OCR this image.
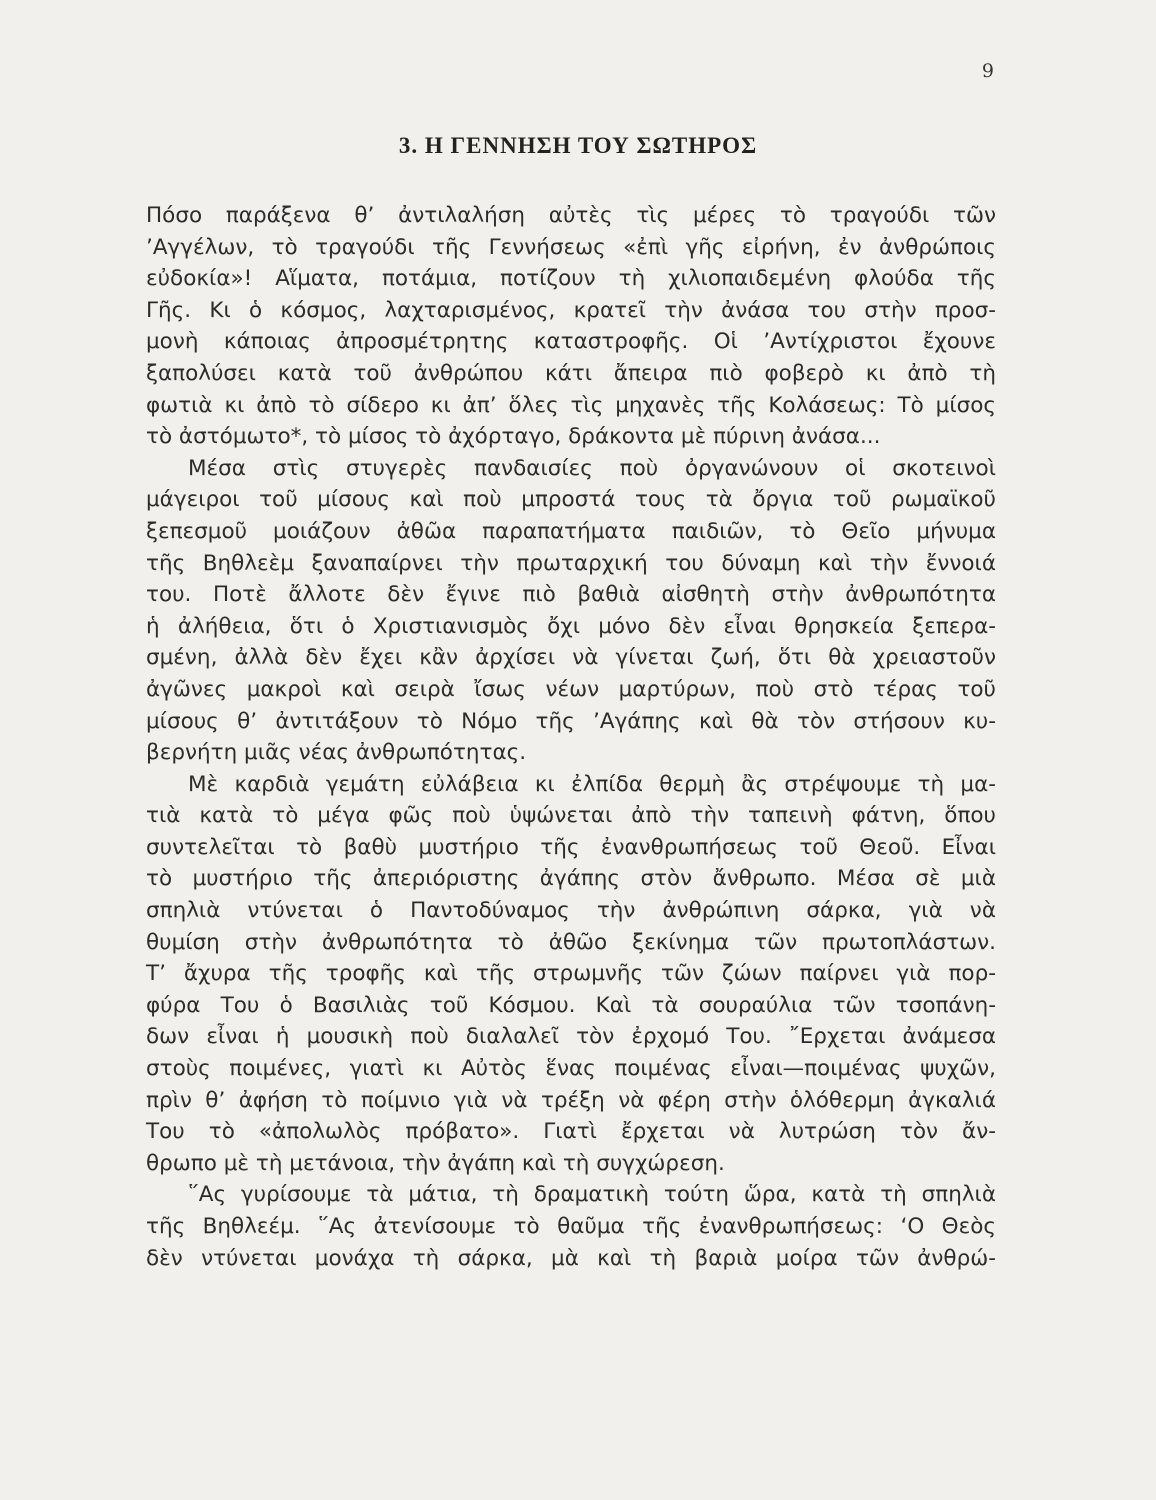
9
3. Η ΓΕΝΝΗΣΗ ΤΟΥ ΣΩΤΗΡΟΣ
Πόσο παράξενα θ’ ἀντιλαλήση αὐτὲς τὶς μέρες τὸ τραγούδι τῶν
’Αγγέλων, τὸ τραγούδι τῆς Γεννήσεως «ἐπὶ γῆς εἰρήνη, ἐν ἀνθρώποις
εὐδοκία»! Αἵματα, ποτάμια, ποτίζουν τὴ χιλιοπαιδεμένη φλούδα τῆς
Γῆς. Κι ὁ κόσμος, λαχταρισμένος, κρατεῖ τὴν ἀνάσα του στὴν προσ-
μονὴ κάποιας ἀπροσμέτρητης καταστροφῆς. Οἱ ’Αντίχριστοι ἔχουνε
ξαπολύσει κατὰ τοῦ ἀνθρώπου κάτι ἄπειρα πιὸ φοβερὸ κι ἀπὸ τὴ
φωτιὰ κι ἀπὸ τὸ σίδερο κι ἀπ’ ὅλες τὶς μηχανὲς τῆς Κολάσεως: Τὸ μίσος
τὸ ἀστόμωτο*, τὸ μίσος τὸ ἀχόρταγο, δράκοντα μὲ πύρινη ἀνάσα...
Μέσα στὶς στυγερὲς πανδαισίες ποὺ ὀργανώνουν οἱ σκοτεινοὶ
μάγειροι τοῦ μίσους καὶ ποὺ μπροστά τους τὰ ὄργια τοῦ ρωμαϊκοῦ
ξεπεσμοῦ μοιάζουν ἀθῶα παραπατήματα παιδιῶν, τὸ Θεῖο μήνυμα
τῆς Βηθλεὲμ ξαναπαίρνει τὴν πρωταρχική του δύναμη καὶ τὴν ἔννοιά
του. Ποτὲ ἄλλοτε δὲν ἔγινε πιὸ βαθιὰ αἰσθητὴ στὴν ἀνθρωπότητα
ἡ ἀλήθεια, ὅτι ὁ Χριστιανισμὸς ὄχι μόνο δὲν εἶναι θρησκεία ξεπερα-
σμένη, ἀλλὰ δὲν ἔχει κἂν ἀρχίσει νὰ γίνεται ζωή, ὅτι θὰ χρειαστοῦν
ἀγῶνες μακροὶ καὶ σειρὰ ἴσως νέων μαρτύρων, ποὺ στὸ τέρας τοῦ
μίσους θ’ ἀντιτάξουν τὸ Νόμο τῆς ’Αγάπης καὶ θὰ τὸν στήσουν κυ-
βερνήτη μιᾶς νέας ἀνθρωπότητας.
Μὲ καρδιὰ γεμάτη εὐλάβεια κι ἐλπίδα θερμὴ ἂς στρέψουμε τὴ μα-
τιὰ κατὰ τὸ μέγα φῶς ποὺ ὑψώνεται ἀπὸ τὴν ταπεινὴ φάτνη, ὅπου
συντελεῖται τὸ βαθὺ μυστήριο τῆς ἐνανθρωπήσεως τοῦ Θεοῦ. Εἶναι
τὸ μυστήριο τῆς ἀπεριόριστης ἀγάπης στὸν ἄνθρωπο. Μέσα σὲ μιὰ
σπηλιὰ ντύνεται ὁ Παντοδύναμος τὴν ἀνθρώπινη σάρκα, γιὰ νὰ
θυμίση στὴν ἀνθρωπότητα τὸ ἀθῶο ξεκίνημα τῶν πρωτοπλάστων.
Τ’ ἄχυρα τῆς τροφῆς καὶ τῆς στρωμνῆς τῶν ζώων παίρνει γιὰ πορ-
φύρα Του ὁ Βασιλιὰς τοῦ Κόσμου. Καὶ τὰ σουραύλια τῶν τσοπάνη-
δων εἶναι ἡ μουσικὴ ποὺ διαλαλεῖ τὸν ἐρχομό Του. ῎Ερχεται ἀνάμεσα
στοὺς ποιμένες, γιατὶ κι Αὐτὸς ἕνας ποιμένας εἶναι—ποιμένας ψυχῶν,
πρὶν θ’ ἀφήση τὸ ποίμνιο γιὰ νὰ τρέξη νὰ φέρη στὴν ὁλόθερμη ἀγκαλιά
Του τὸ «ἀπολωλὸς πρόβατο». Γιατὶ ἔρχεται νὰ λυτρώση τὸν ἄν-
θρωπο μὲ τὴ μετάνοια, τὴν ἀγάπη καὶ τὴ συγχώρεση.
῞Ας γυρίσουμε τὰ μάτια, τὴ δραματικὴ τούτη ὥρα, κατὰ τὴ σπηλιὰ
τῆς Βηθλεέμ. ῞Ας ἀτενίσουμε τὸ θαῦμα τῆς ἐνανθρωπήσεως: ‘Ο Θεὸς
δὲν ντύνεται μονάχα τὴ σάρκα, μὰ καὶ τὴ βαριὰ μοίρα τῶν ἀνθρώ-
